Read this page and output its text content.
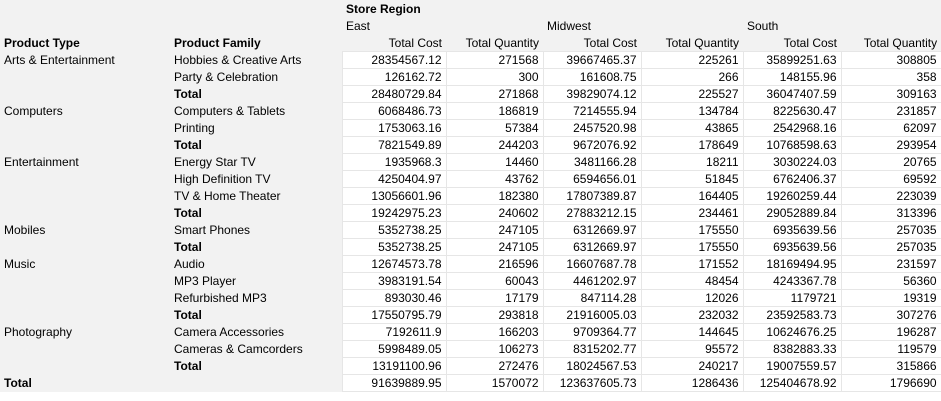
		Store Region					
		East		Midwest		South	
Product Type	Product Family	Total Cost	Total Quantity	Total Cost	Total Quantity	Total Cost	Total Quantity
Arts & Entertainment	Hobbies & Creative Arts	28354567.12	271568	39667465.37	225261	35899251.63	308805
	Party & Celebration	126162.72	300	161608.75	266	148155.96	358
	Total	28480729.84	271868	39829074.12	225527	36047407.59	309163
Computers	Computers & Tablets	6068486.73	186819	7214555.94	134784	8225630.47	231857
	Printing	1753063.16	57384	2457520.98	43865	2542968.16	62097
	Total	7821549.89	244203	9672076.92	178649	10768598.63	293954
Entertainment	Energy Star TV	1935968.3	14460	3481166.28	18211	3030224.03	20765
	High Definition TV	4250404.97	43762	6594656.01	51845	6762406.37	69592
	TV & Home Theater	13056601.96	182380	17807389.87	164405	19260259.44	223039
	Total	19242975.23	240602	27883212.15	234461	29052889.84	313396
Mobiles	Smart Phones	5352738.25	247105	6312669.97	175550	6935639.56	257035
	Total	5352738.25	247105	6312669.97	175550	6935639.56	257035
Music	Audio	12674573.78	216596	16607687.78	171552	18169494.95	231597
	MP3 Player	3983191.54	60043	4461202.97	48454	4243367.78	56360
	Refurbished MP3	893030.46	17179	847114.28	12026	1179721	19319
	Total	17550795.79	293818	21916005.03	232032	23592583.73	307276
Photography	Camera Accessories	7192611.9	166203	9709364.77	144645	10624676.25	196287
	Cameras & Camcorders	5998489.05	106273	8315202.77	95572	8382883.33	119579
	Total	13191100.96	272476	18024567.53	240217	19007559.57	315866
Total		91639889.95	1570072	123637605.73	1286436	125404678.92	1796690
